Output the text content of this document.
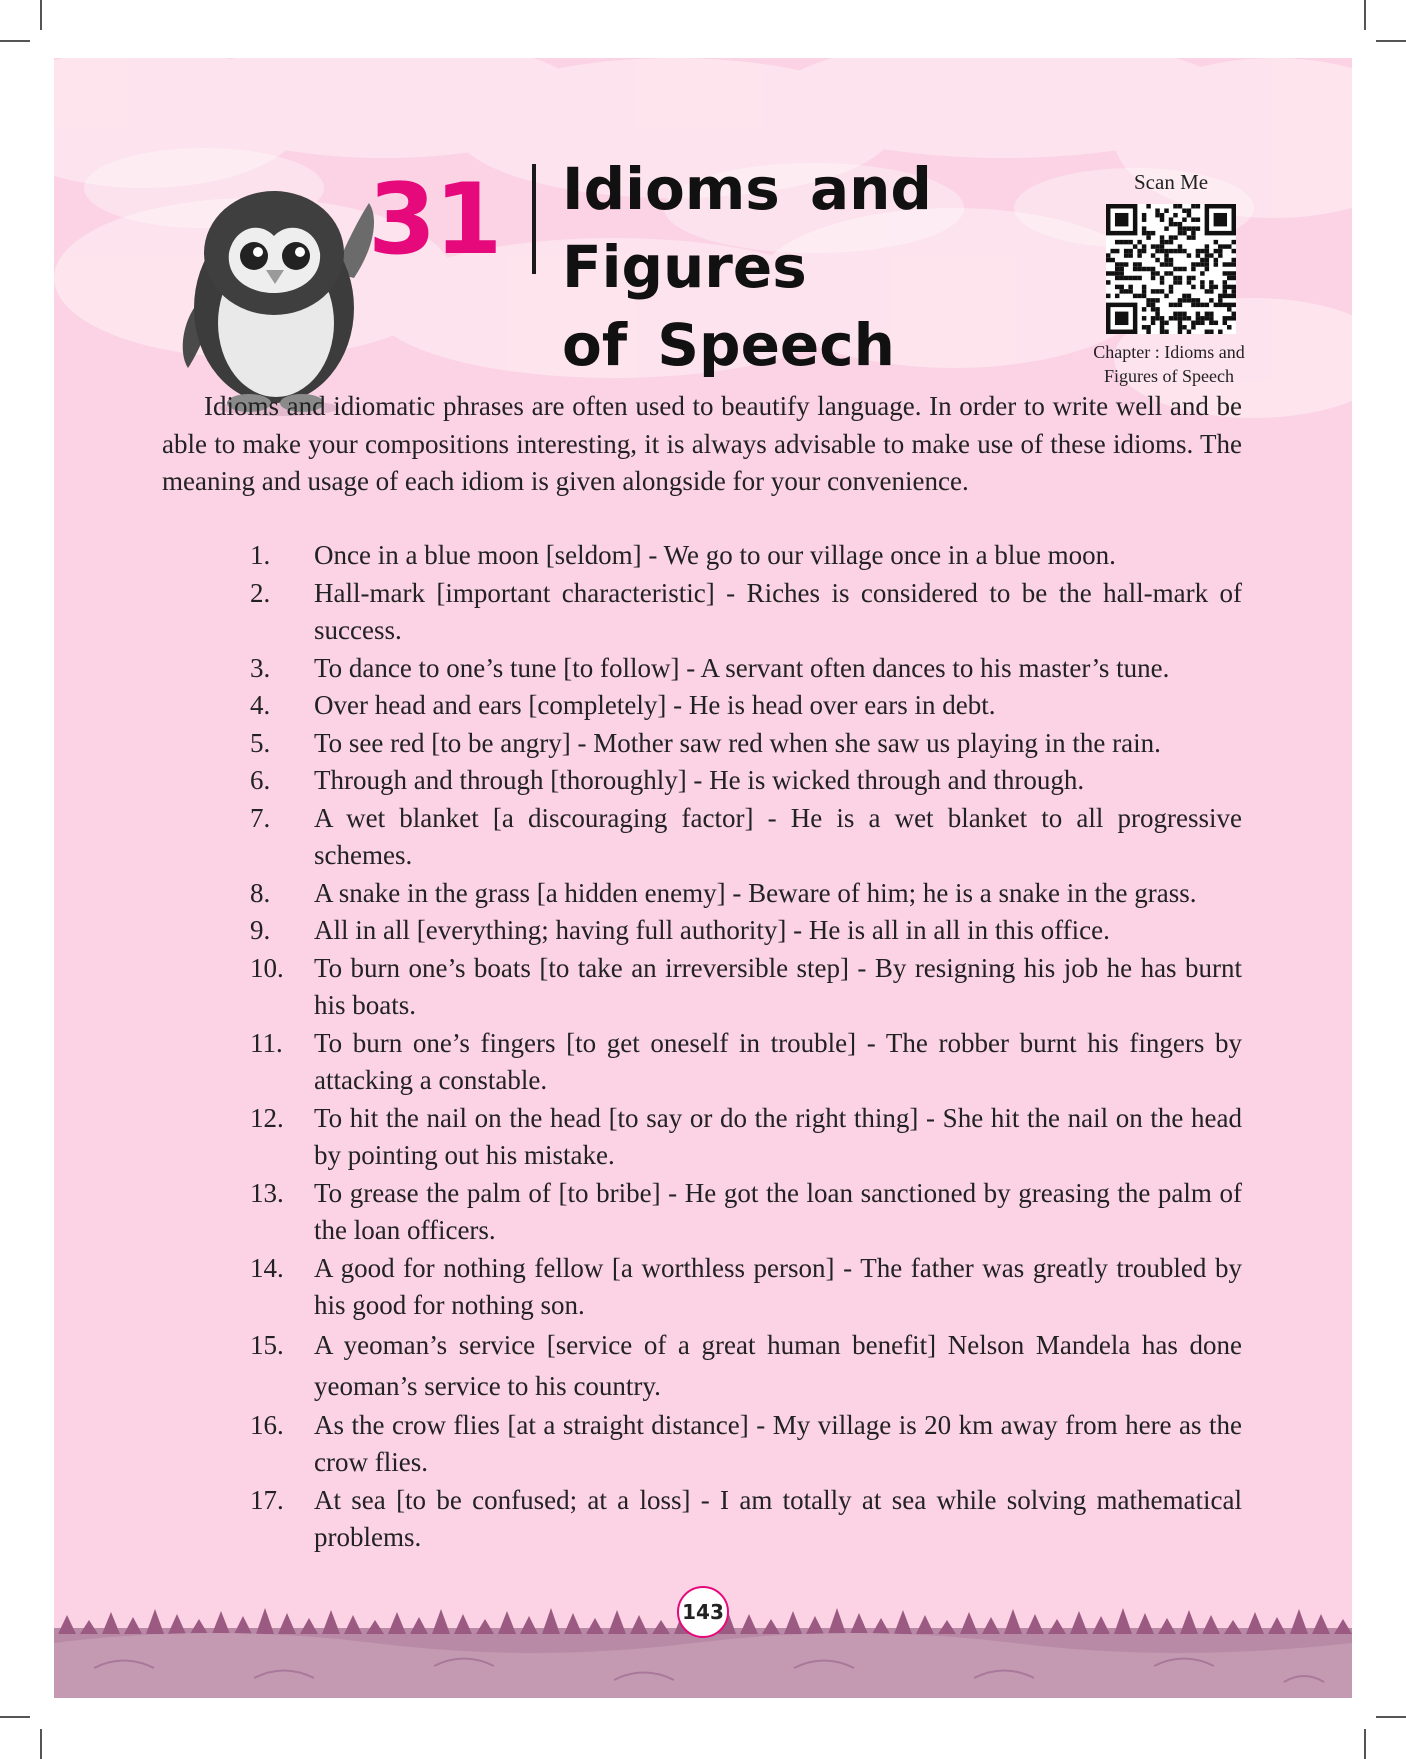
31 Idioms and Figures
of Speech
Scan Me
Chapter : Idioms and
Figures of Speech

Idioms and idiomatic phrases are often used to beautify language. In order to write well and be able to make your compositions interesting, it is always advisable to make use of these idioms. The meaning and usage of each idiom is given alongside for your convenience.

1.	Once in a blue moon [seldom] - We go to our village once in a blue moon.
2.	Hall-mark [important characteristic] - Riches is considered to be the hall-mark of success.
3.	To dance to one’s tune [to follow] - A servant often dances to his master’s tune.
4.	Over head and ears [completely] - He is head over ears in debt.
5.	To see red [to be angry] - Mother saw red when she saw us playing in the rain.
6.	Through and through [thoroughly] - He is wicked through and through.
7.	A wet blanket [a discouraging factor] - He is a wet blanket to all progressive schemes.
8.	A snake in the grass [a hidden enemy] - Beware of him; he is a snake in the grass.
9.	All in all [everything; having full authority] - He is all in all in this office.
10.	To burn one’s boats [to take an irreversible step] - By resigning his job he has burnt his boats.
11.	To burn one’s fingers [to get oneself in trouble] - The robber burnt his fingers by attacking a constable.
12.	To hit the nail on the head [to say or do the right thing] - She hit the nail on the head by pointing out his mistake.
13.	To grease the palm of [to bribe] - He got the loan sanctioned by greasing the palm of the loan officers.
14.	A good for nothing fellow [a worthless person] - The father was greatly troubled by his good for nothing son.
15.	A yeoman’s service [service of a great human benefit] Nelson Mandela has done yeoman’s service to his country.
16.	As the crow flies [at a straight distance] - My village is 20 km away from here as the crow flies.
17.	At sea [to be confused; at a loss] - I am totally at sea while solving mathematical problems.
143
